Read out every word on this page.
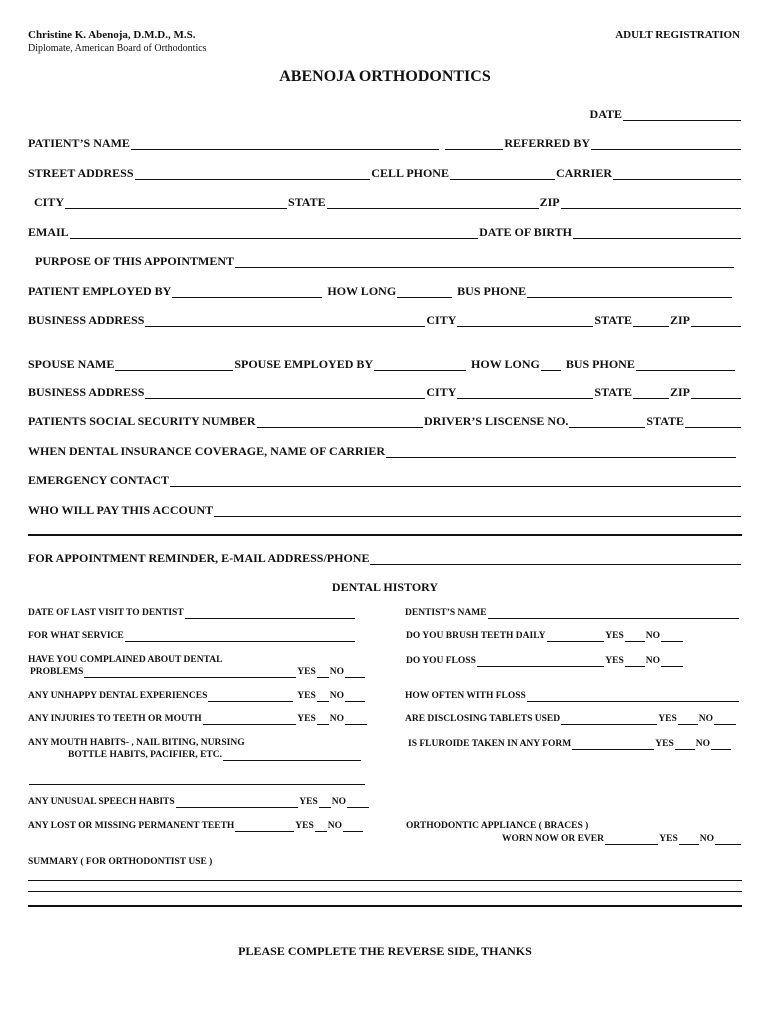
Christine K. Abenoja, D.M.D., M.S.
Diplomate, American Board of Orthodontics
ADULT REGISTRATION
ABENOJA ORTHODONTICS
DATE
PATIENT’S NAME	REFERRED BY
STREET ADDRESS	CELL PHONE	CARRIER
CITY	STATE	ZIP
EMAIL	DATE OF BIRTH
PURPOSE OF THIS APPOINTMENT
PATIENT EMPLOYED BY	HOW LONG	BUS PHONE
BUSINESS ADDRESS	CITY	STATE	ZIP
SPOUSE NAME	SPOUSE EMPLOYED BY	HOW LONG BUS PHONE
BUSINESS ADDRESS	CITY	STATE	ZIP
PATIENTS SOCIAL SECURITY NUMBER	DRIVER’S LISCENSE NO.	STATE
WHEN DENTAL INSURANCE COVERAGE, NAME OF CARRIER
EMERGENCY CONTACT
WHO WILL PAY THIS ACCOUNT
FOR APPOINTMENT REMINDER, E-MAIL ADDRESS/PHONE
DENTAL HISTORY
DATE OF LAST VISIT TO DENTIST
FOR WHAT SERVICE
HAVE YOU COMPLAINED ABOUT DENTAL
PROBLEMS	YES NO
ANY UNHAPPY DENTAL EXPERIENCES	YES NO
ANY INJURIES TO TEETH OR MOUTH	YES NO
ANY MOUTH HABITS- , NAIL BITING, NURSING
BOTTLE HABITS, PACIFIER, ETC.
ANY UNUSUAL SPEECH HABITS	YES NO
ANY LOST OR MISSING PERMANENT TEETH	YES NO
DENTIST’S NAME
DO YOU BRUSH TEETH DAILY	YES NO
DO YOU FLOSS	YES NO
HOW OFTEN WITH FLOSS
ARE DISCLOSING TABLETS USED	YES NO
IS FLUROIDE TAKEN IN ANY FORM	YES NO
ORTHODONTIC APPLIANCE ( BRACES )
WORN NOW OR EVER	YES NO
SUMMARY ( FOR ORTHODONTIST USE )
PLEASE COMPLETE THE REVERSE SIDE, THANKS
